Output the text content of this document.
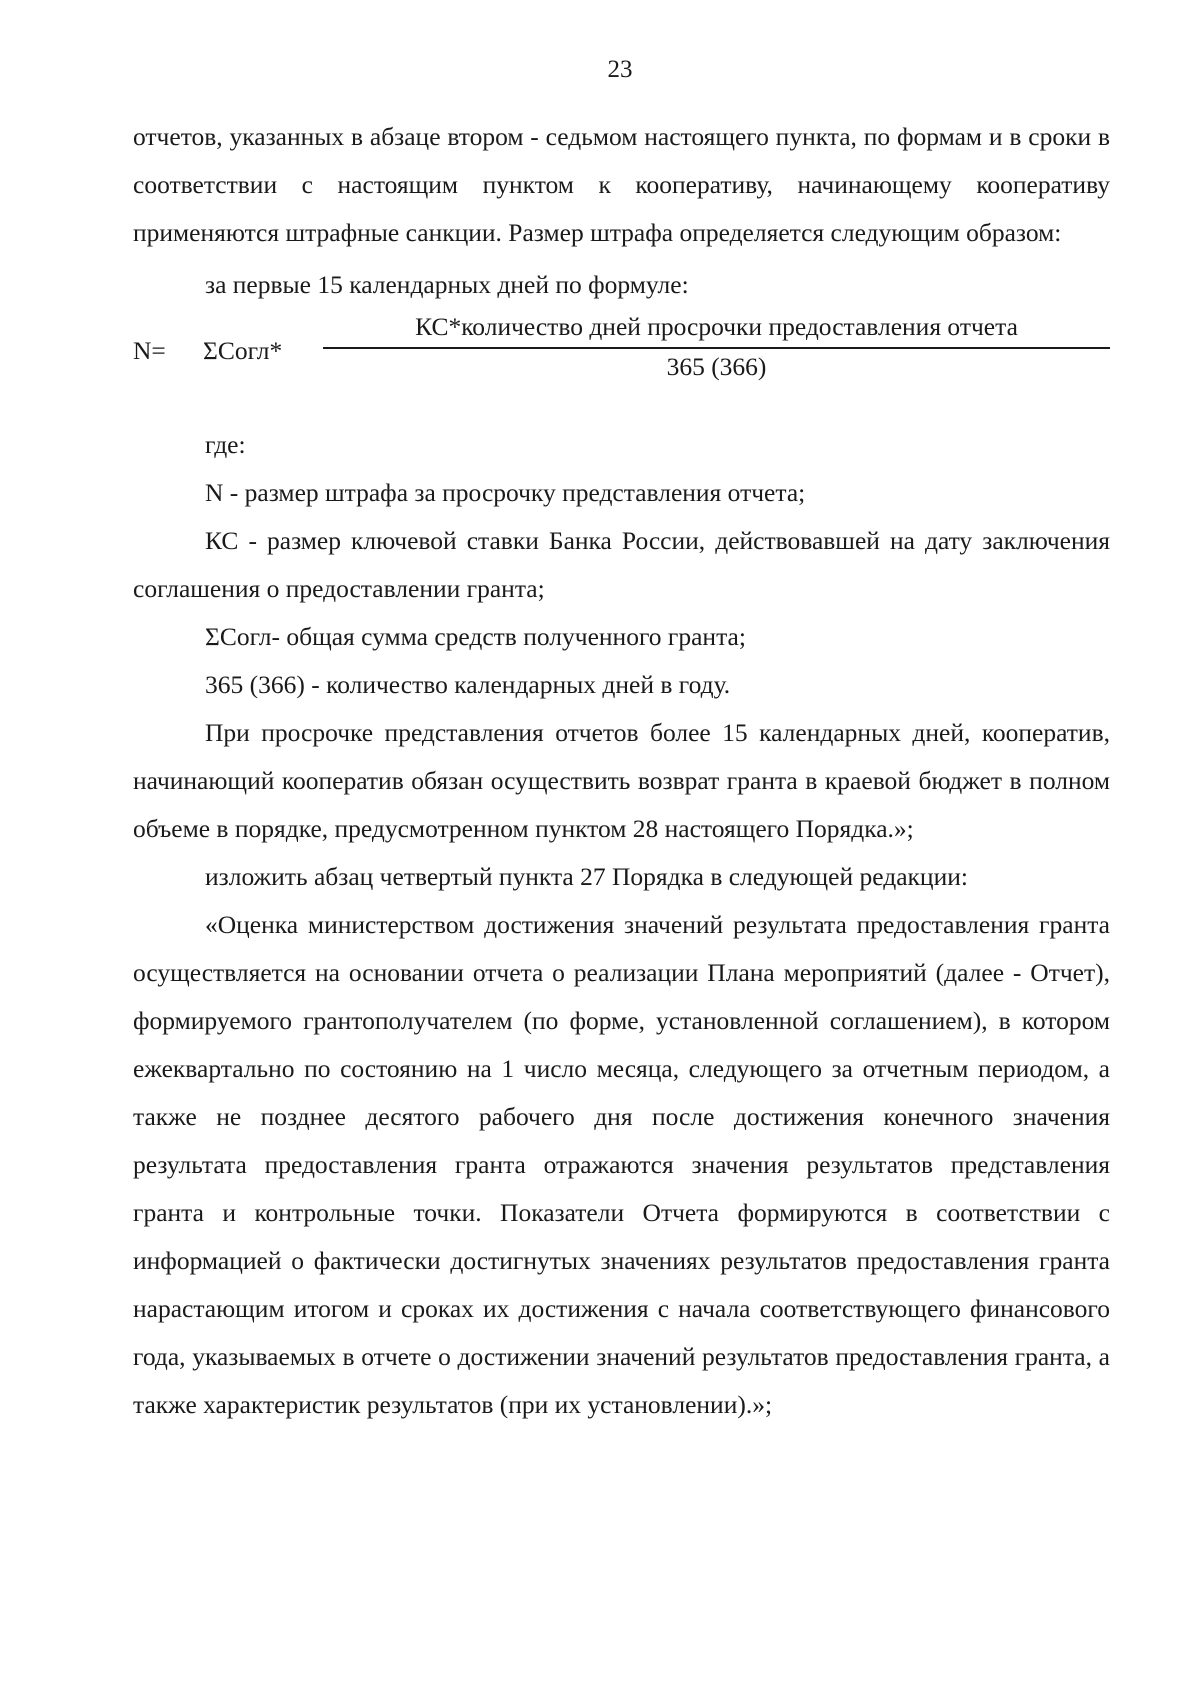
23

отчетов, указанных в абзаце втором - седьмом настоящего пункта, по формам и в сроки в соответствии с настоящим пунктом к кооперативу, начинающему кооперативу применяются штрафные санкции. Размер штрафа определяется следующим образом:

за первые 15 календарных дней по формуле:

N= ΣСогл*
КС*количество дней просрочки предоставления отчета
365 (366)

где:

N - размер штрафа за просрочку представления отчета;

КС - размер ключевой ставки Банка России, действовавшей на дату заключения соглашения о предоставлении гранта;

ΣСогл- общая сумма средств полученного гранта;

365 (366) - количество календарных дней в году.

При просрочке представления отчетов более 15 календарных дней, кооператив, начинающий кооператив обязан осуществить возврат гранта в краевой бюджет в полном объеме в порядке, предусмотренном пунктом 28 настоящего Порядка.»;

изложить абзац четвертый пункта 27 Порядка в следующей редакции:

«Оценка министерством достижения значений результата предоставления гранта осуществляется на основании отчета о реализации Плана мероприятий (далее - Отчет), формируемого грантополучателем (по форме, установленной соглашением), в котором ежеквартально по состоянию на 1 число месяца, следующего за отчетным периодом, а также не позднее десятого рабочего дня после достижения конечного значения результата предоставления гранта отражаются значения результатов представления гранта и контрольные точки. Показатели Отчета формируются в соответствии с информацией о фактически достигнутых значениях результатов предоставления гранта нарастающим итогом и сроках их достижения с начала соответствующего финансового года, указываемых в отчете о достижении значений результатов предоставления гранта, а также характеристик результатов (при их установлении).»;
